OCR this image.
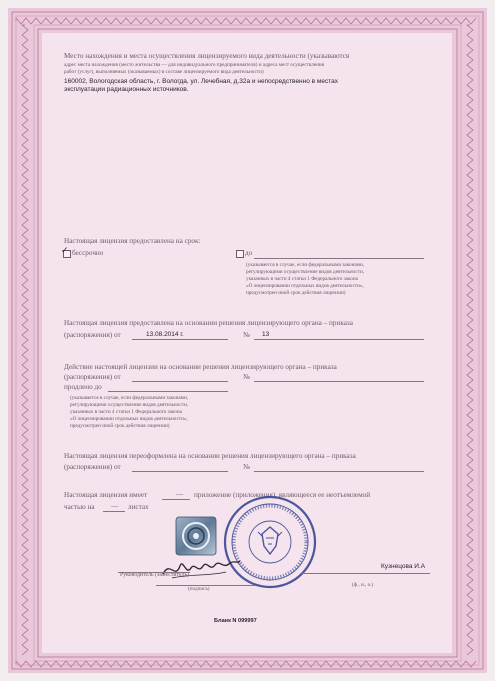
Место нахождения и места осуществления лицензируемого вида деятельности (указываются
адрес места нахождения (место жительства — для индивидуального предпринимателя) и адреса мест осуществления
работ (услуг), выполняемых (оказываемых) в составе лицензируемого вида деятельности)
160002, Вологодская область, г. Вологда, ул. Лечебная, д.32а и непосредственно в местах
эксплуатации радиационных источников.
Настоящая лицензия предоставлена на срок:
✓ бессрочно	до
(указывается в случае, если федеральными законами,
регулирующими осуществление видов деятельности,
указанных в части 4 статьи 1 Федерального закона
«О лицензировании отдельных видов деятельности»,
предусмотрен иной срок действия лицензии)
Настоящая лицензия предоставлена на основании решения лицензирующего органа – приказа
(распоряжения) от	13.08.2014 г.	№ 13
Действие настоящей лицензии на основании решения лицензирующего органа – приказа
(распоряжения) от	№
продлено до
(указывается в случае, если федеральными законами,
регулирующими осуществление видов деятельности,
указанных в части 4 статьи 1 Федерального закона
«О лицензировании отдельных видов деятельности»,
предусмотрен иной срок действия лицензии)
Настоящая лицензия переоформлена на основании решения лицензирующего органа – приказа
(распоряжения) от	№
Настоящая лицензия имеет	— приложение (приложения), являющееся ее неотъемлемой
частью на — листах
Руководитель (заместитель)
(подпись)
Кузнецова И.А
(ф., и., о.)
Бланк N 099997
